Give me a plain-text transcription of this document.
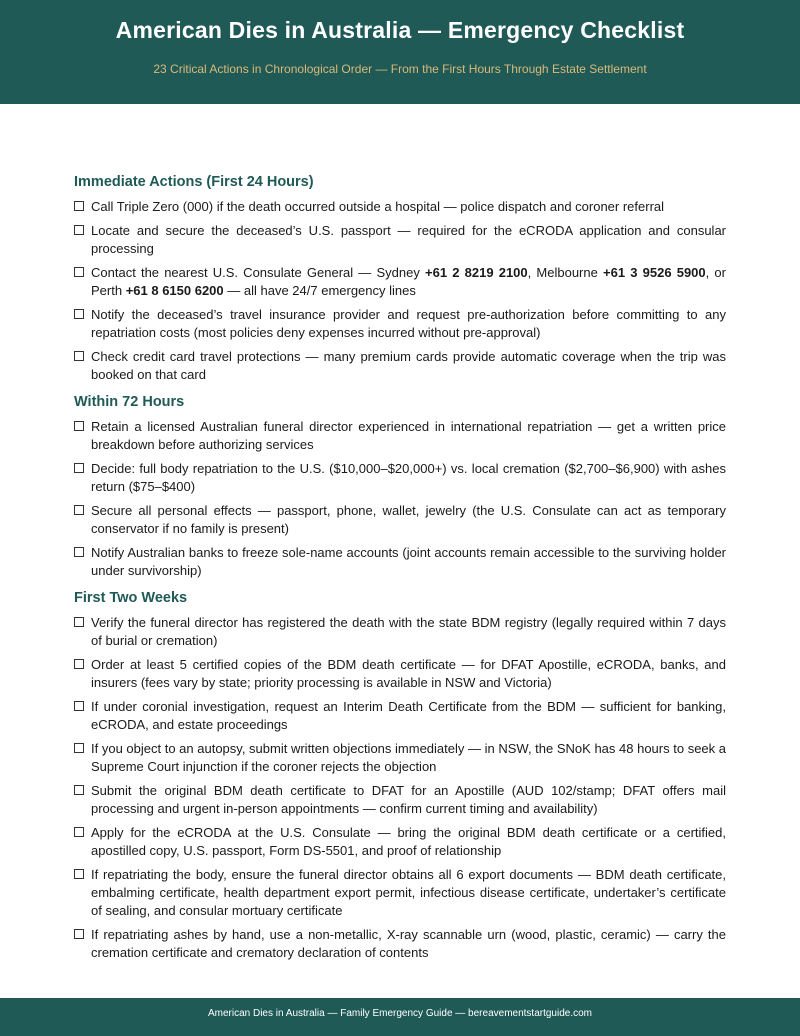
American Dies in Australia — Emergency Checklist
23 Critical Actions in Chronological Order — From the First Hours Through Estate Settlement
Immediate Actions (First 24 Hours)
Call Triple Zero (000) if the death occurred outside a hospital — police dispatch and coroner referral
Locate and secure the deceased’s U.S. passport — required for the eCRODA application and consular processing
Contact the nearest U.S. Consulate General — Sydney +61 2 8219 2100, Melbourne +61 3 9526 5900, or Perth +61 8 6150 6200 — all have 24/7 emergency lines
Notify the deceased’s travel insurance provider and request pre-authorization before committing to any repatriation costs (most policies deny expenses incurred without pre-approval)
Check credit card travel protections — many premium cards provide automatic coverage when the trip was booked on that card
Within 72 Hours
Retain a licensed Australian funeral director experienced in international repatriation — get a written price breakdown before authorizing services
Decide: full body repatriation to the U.S. ($10,000–$20,000+) vs. local cremation ($2,700–$6,900) with ashes return ($75–$400)
Secure all personal effects — passport, phone, wallet, jewelry (the U.S. Consulate can act as temporary conservator if no family is present)
Notify Australian banks to freeze sole-name accounts (joint accounts remain accessible to the surviving holder under survivorship)
First Two Weeks
Verify the funeral director has registered the death with the state BDM registry (legally required within 7 days of burial or cremation)
Order at least 5 certified copies of the BDM death certificate — for DFAT Apostille, eCRODA, banks, and insurers (fees vary by state; priority processing is available in NSW and Victoria)
If under coronial investigation, request an Interim Death Certificate from the BDM — sufficient for banking, eCRODA, and estate proceedings
If you object to an autopsy, submit written objections immediately — in NSW, the SNoK has 48 hours to seek a Supreme Court injunction if the coroner rejects the objection
Submit the original BDM death certificate to DFAT for an Apostille (AUD 102/stamp; DFAT offers mail processing and urgent in-person appointments — confirm current timing and availability)
Apply for the eCRODA at the U.S. Consulate — bring the original BDM death certificate or a certified, apostilled copy, U.S. passport, Form DS-5501, and proof of relationship
If repatriating the body, ensure the funeral director obtains all 6 export documents — BDM death certificate, embalming certificate, health department export permit, infectious disease certificate, undertaker’s certificate of sealing, and consular mortuary certificate
If repatriating ashes by hand, use a non-metallic, X-ray scannable urn (wood, plastic, ceramic) — carry the cremation certificate and crematory declaration of contents
American Dies in Australia — Family Emergency Guide — bereavementstartguide.com
